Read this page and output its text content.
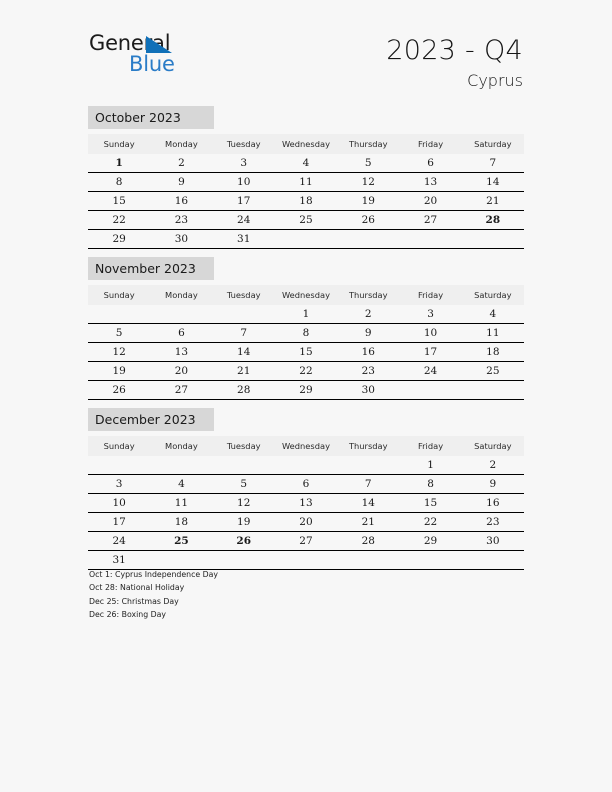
General
Blue	2023 - Q4
Cyprus
October 2023
Sunday	Monday	Tuesday	Wednesday	Thursday	Friday	Saturday
1	2	3	4	5	6	7
8	9	10	11	12	13	14
15	16	17	18	19	20	21
22	23	24	25	26	27	28
29	30	31				
November 2023
Sunday	Monday	Tuesday	Wednesday	Thursday	Friday	Saturday
			1	2	3	4
5	6	7	8	9	10	11
12	13	14	15	16	17	18
19	20	21	22	23	24	25
26	27	28	29	30		
December 2023
Sunday	Monday	Tuesday	Wednesday	Thursday	Friday	Saturday
					1	2
3	4	5	6	7	8	9
10	11	12	13	14	15	16
17	18	19	20	21	22	23
24	25	26	27	28	29	30
31						
Oct 1: Cyprus Independence Day
Oct 28: National Holiday
Dec 25: Christmas Day
Dec 26: Boxing Day
